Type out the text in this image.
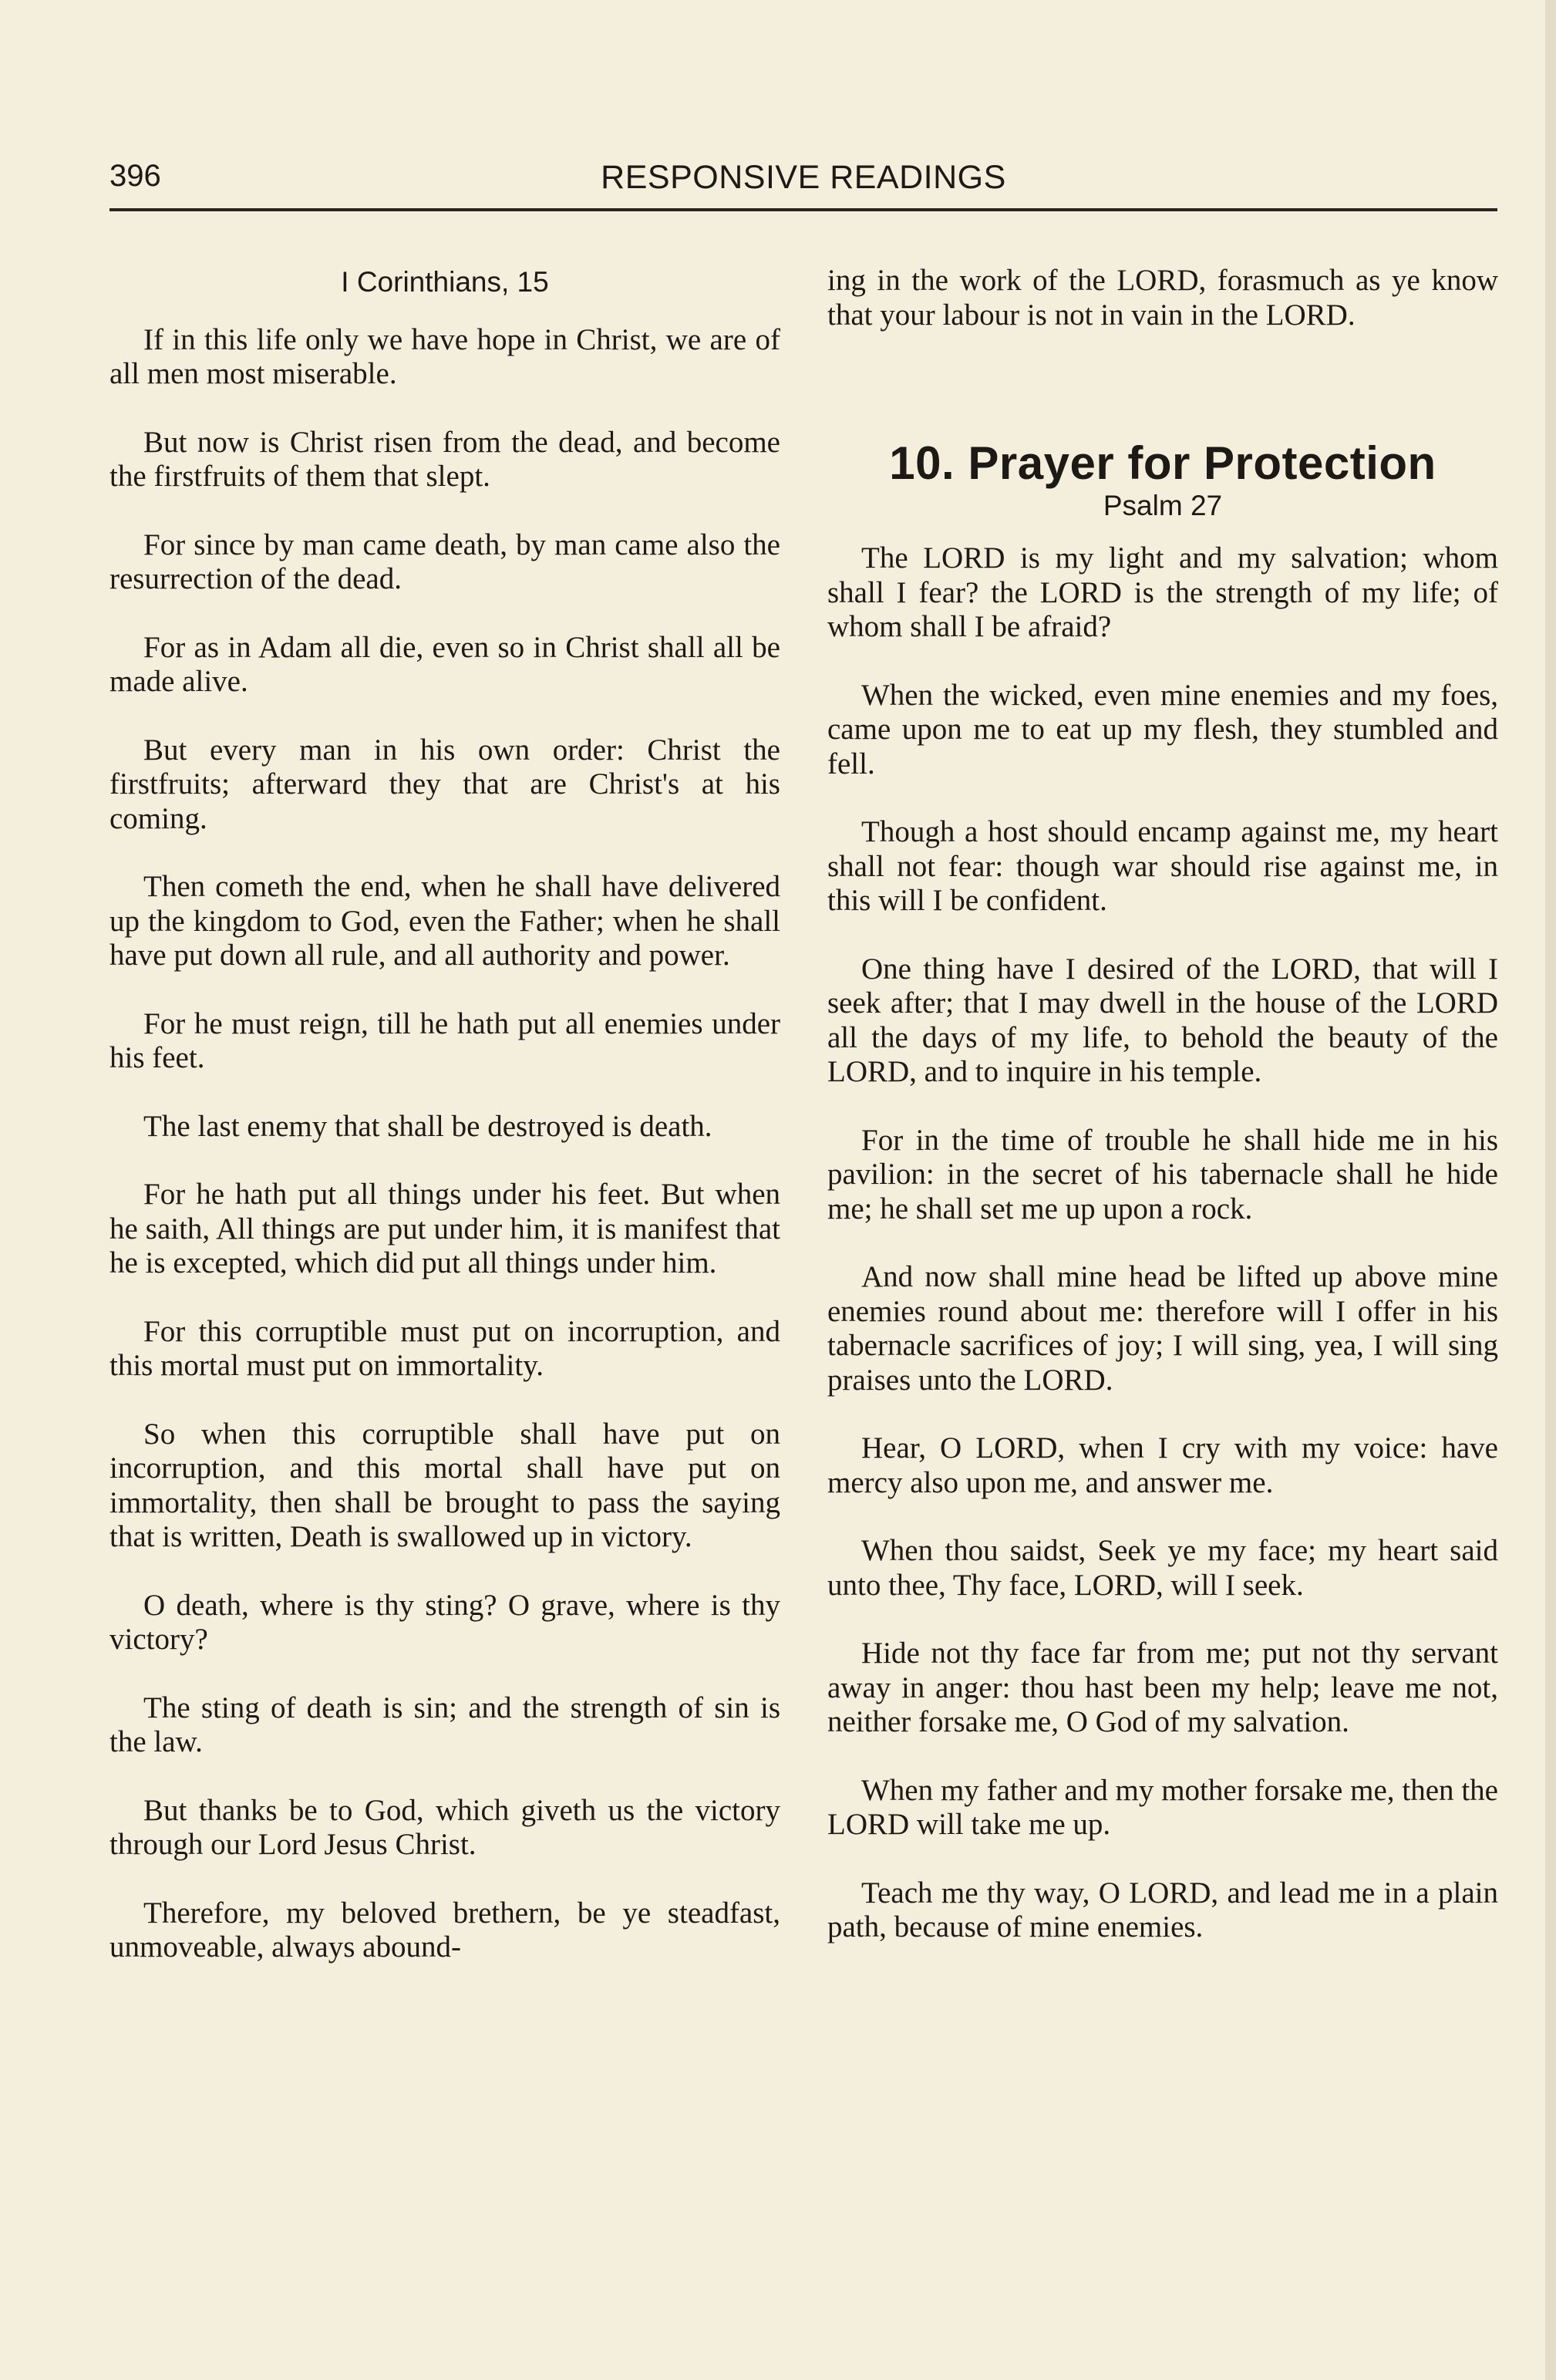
396	RESPONSIVE READINGS
I Corinthians, 15

If in this life only we have hope in Christ, we are of all men most miserable.

But now is Christ risen from the dead, and become the firstfruits of them that slept.

For since by man came death, by man came also the resurrection of the dead.

For as in Adam all die, even so in Christ shall all be made alive.

But every man in his own order: Christ the firstfruits; afterward they that are Christ's at his coming.

Then cometh the end, when he shall have delivered up the kingdom to God, even the Father; when he shall have put down all rule, and all authority and power.

For he must reign, till he hath put all enemies under his feet.

The last enemy that shall be destroyed is death.

For he hath put all things under his feet. But when he saith, All things are put under him, it is manifest that he is excepted, which did put all things under him.

For this corruptible must put on incorruption, and this mortal must put on immortality.

So when this corruptible shall have put on incorruption, and this mortal shall have put on immortality, then shall be brought to pass the saying that is written, Death is swallowed up in victory.

O death, where is thy sting? O grave, where is thy victory?

The sting of death is sin; and the strength of sin is the law.

But thanks be to God, which giveth us the victory through our Lord Jesus Christ.

Therefore, my beloved brethern, be ye steadfast, unmoveable, always abound-

ing in the work of the LORD, forasmuch as ye know that your labour is not in vain in the LORD.

10. Prayer for Protection
Psalm 27

The LORD is my light and my salvation; whom shall I fear? the LORD is the strength of my life; of whom shall I be afraid?

When the wicked, even mine enemies and my foes, came upon me to eat up my flesh, they stumbled and fell.

Though a host should encamp against me, my heart shall not fear: though war should rise against me, in this will I be confident.

One thing have I desired of the LORD, that will I seek after; that I may dwell in the house of the LORD all the days of my life, to behold the beauty of the LORD, and to inquire in his temple.

For in the time of trouble he shall hide me in his pavilion: in the secret of his tabernacle shall he hide me; he shall set me up upon a rock.

And now shall mine head be lifted up above mine enemies round about me: therefore will I offer in his tabernacle sacrifices of joy; I will sing, yea, I will sing praises unto the LORD.

Hear, O LORD, when I cry with my voice: have mercy also upon me, and answer me.

When thou saidst, Seek ye my face; my heart said unto thee, Thy face, LORD, will I seek.

Hide not thy face far from me; put not thy servant away in anger: thou hast been my help; leave me not, neither forsake me, O God of my salvation.

When my father and my mother forsake me, then the LORD will take me up.

Teach me thy way, O LORD, and lead me in a plain path, because of mine enemies.
